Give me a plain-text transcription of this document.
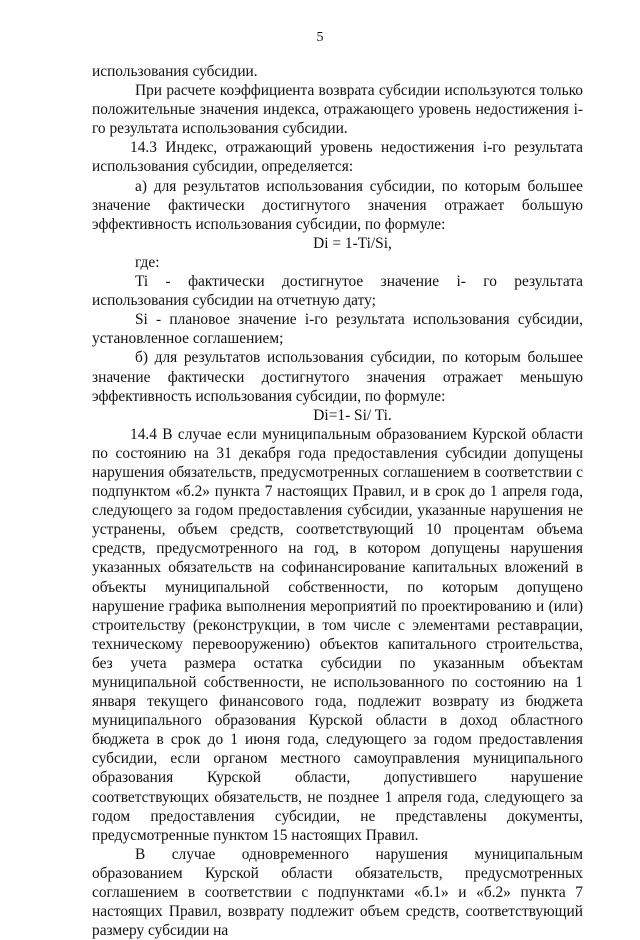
5

использования субсидии.

При расчете коэффициента возврата субсидии используются только положительные значения индекса, отражающего уровень недостижения i-го результата использования субсидии.

14.3 Индекс, отражающий уровень недостижения i-го результата использования субсидии, определяется:

а) для результатов использования субсидии, по которым большее значение фактически достигнутого значения отражает большую эффективность использования субсидии, по формуле:

Di = 1-Ti/Si,

где:

Ti - фактически достигнутое значение i- го результата использования субсидии на отчетную дату;

Si - плановое значение i-го результата использования субсидии, установленное соглашением;

б) для результатов использования субсидии, по которым большее значение фактически достигнутого значения отражает меньшую эффективность использования субсидии, по формуле:

Di=1- Si/ Ti.

14.4 В случае если муниципальным образованием Курской области по состоянию на 31 декабря года предоставления субсидии допущены нарушения обязательств, предусмотренных соглашением в соответствии с подпунктом «б.2» пункта 7 настоящих Правил, и в срок до 1 апреля года, следующего за годом предоставления субсидии, указанные нарушения не устранены, объем средств, соответствующий 10 процентам объема средств, предусмотренного на год, в котором допущены нарушения указанных обязательств на софинансирование капитальных вложений в объекты муниципальной собственности, по которым допущено нарушение графика выполнения мероприятий по проектированию и (или) строительству (реконструкции, в том числе с элементами реставрации, техническому перевооружению) объектов капитального строительства, без учета размера остатка субсидии по указанным объектам муниципальной собственности, не использованного по состоянию на 1 января текущего финансового года, подлежит возврату из бюджета муниципального образования Курской области в доход областного бюджета в срок до 1 июня года, следующего за годом предоставления субсидии, если органом местного самоуправления муниципального образования Курской области, допустившего нарушение соответствующих обязательств, не позднее 1 апреля года, следующего за годом предоставления субсидии, не представлены документы, предусмотренные пунктом 15 настоящих Правил.

В случае одновременного нарушения муниципальным образованием Курской области обязательств, предусмотренных соглашением в соответствии с подпунктами «б.1» и «б.2» пункта 7 настоящих Правил, возврату подлежит объем средств, соответствующий размеру субсидии на
